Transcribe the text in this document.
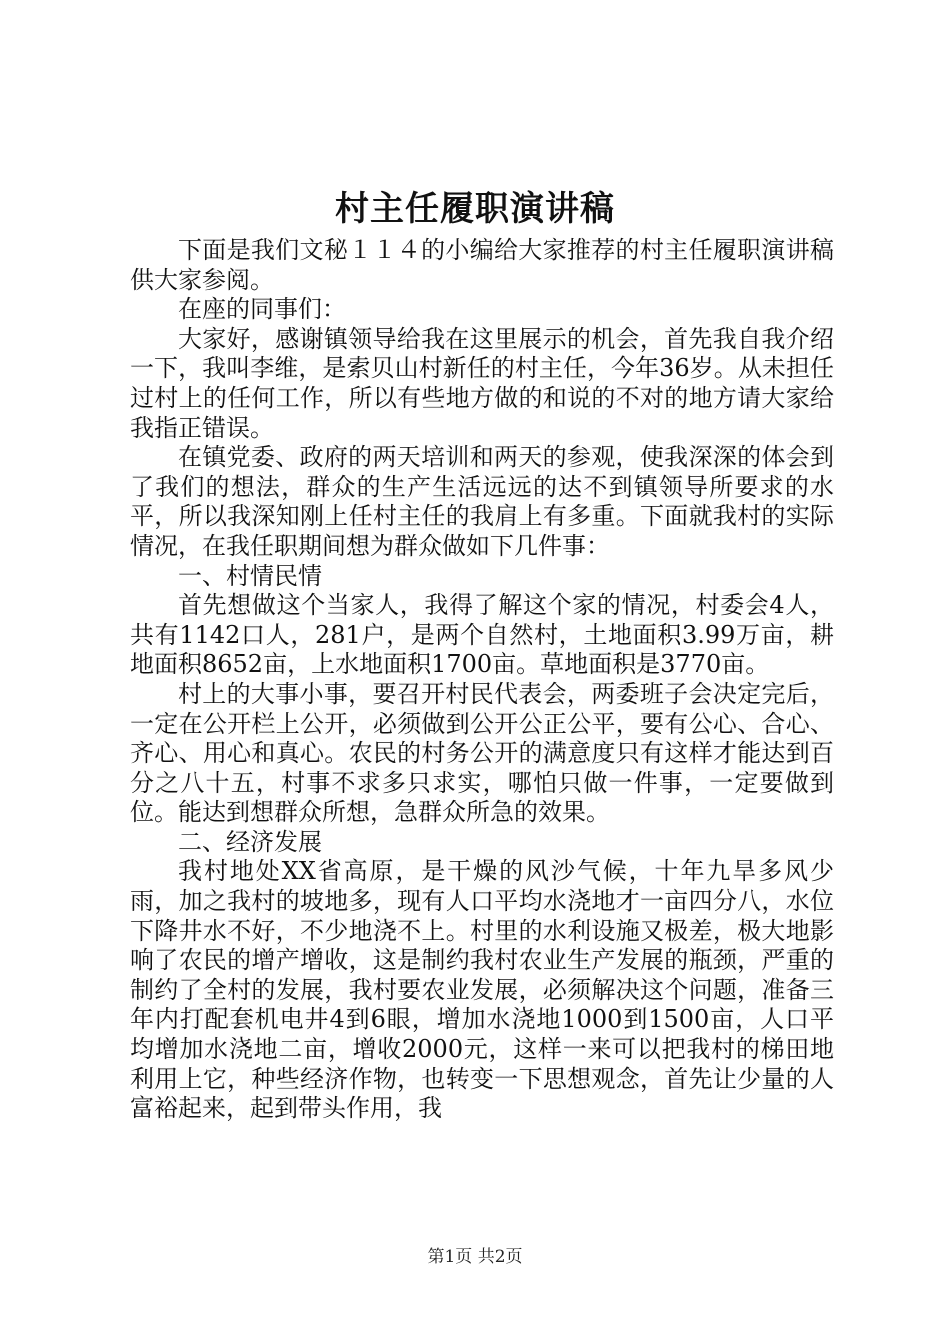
村主任履职演讲稿

下面是我们文秘１１４的小编给大家推荐的村主任履职演讲稿供大家参阅。

在座的同事们：

大家好，感谢镇领导给我在这里展示的机会，首先我自我介绍一下，我叫李维，是索贝山村新任的村主任，今年36岁。从未担任过村上的任何工作，所以有些地方做的和说的不对的地方请大家给我指正错误。

在镇党委、政府的两天培训和两天的参观，使我深深的体会到了我们的想法，群众的生产生活远远的达不到镇领导所要求的水平，所以我深知刚上任村主任的我肩上有多重。下面就我村的实际情况，在我任职期间想为群众做如下几件事：

一、村情民情

首先想做这个当家人，我得了解这个家的情况，村委会4人，共有1142口人，281户，是两个自然村，土地面积3.99万亩，耕地面积8652亩，上水地面积1700亩。草地面积是3770亩。

村上的大事小事，要召开村民代表会，两委班子会决定完后，一定在公开栏上公开，必须做到公开公正公平，要有公心、合心、齐心、用心和真心。农民的村务公开的满意度只有这样才能达到百分之八十五，村事不求多只求实，哪怕只做一件事，一定要做到位。能达到想群众所想，急群众所急的效果。

二、经济发展

我村地处XX省高原，是干燥的风沙气候，十年九旱多风少雨，加之我村的坡地多，现有人口平均水浇地才一亩四分八，水位下降井水不好，不少地浇不上。村里的水利设施又极差，极大地影响了农民的增产增收，这是制约我村农业生产发展的瓶颈，严重的制约了全村的发展，我村要农业发展，必须解决这个问题，准备三年内打配套机电井4到6眼，增加水浇地1000到1500亩，人口平均增加水浇地二亩，增收2000元，这样一来可以把我村的梯田地利用上它，种些经济作物，也转变一下思想观念，首先让少量的人富裕起来，起到带头作用，我

第1页 共2页
